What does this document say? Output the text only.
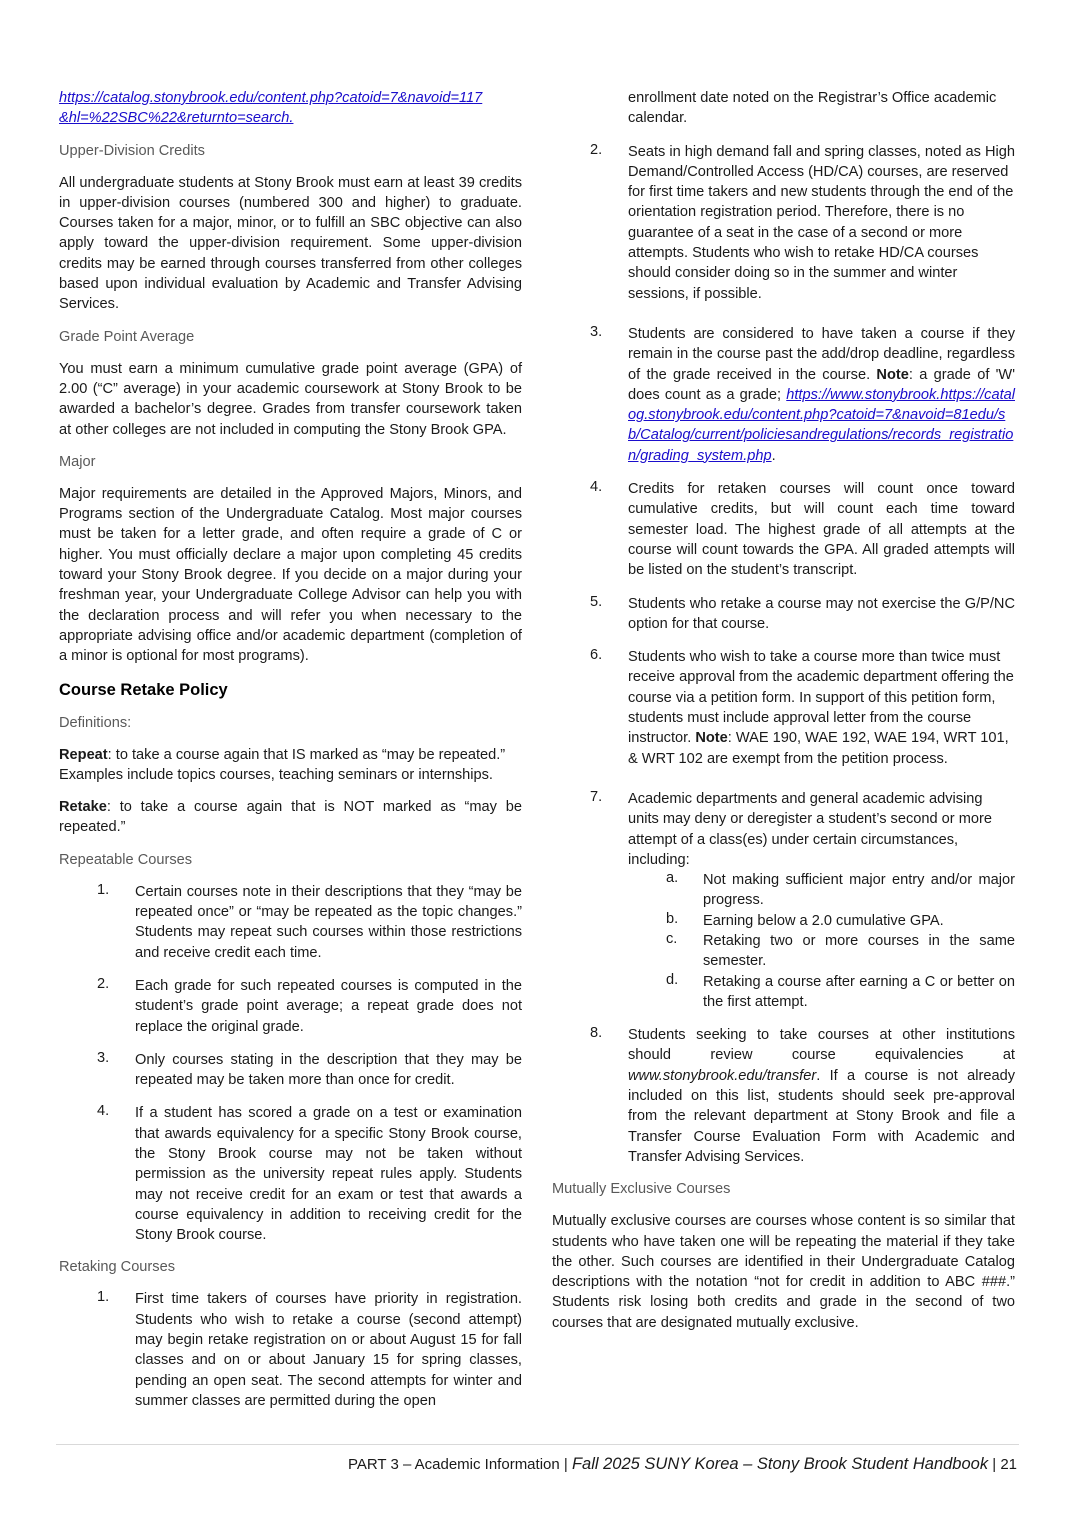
https://catalog.stonybrook.edu/content.php?catoid=7&navoid=117 &hl=%22SBC%22&returnto=search.

Upper-Division Credits

All undergraduate students at Stony Brook must earn at least 39 credits in upper-division courses (numbered 300 and higher) to graduate. Courses taken for a major, minor, or to fulfill an SBC objective can also apply toward the upper-division requirement. Some upper-division credits may be earned through courses transferred from other colleges based upon individual evaluation by Academic and Transfer Advising Services.

Grade Point Average

You must earn a minimum cumulative grade point average (GPA) of 2.00 (“C” average) in your academic coursework at Stony Brook to be awarded a bachelor’s degree. Grades from transfer coursework taken at other colleges are not included in computing the Stony Brook GPA.

Major

Major requirements are detailed in the Approved Majors, Minors, and Programs section of the Undergraduate Catalog. Most major courses must be taken for a letter grade, and often require a grade of C or higher. You must officially declare a major upon completing 45 credits toward your Stony Brook degree. If you decide on a major during your freshman year, your Undergraduate College Advisor can help you with the declaration process and will refer you when necessary to the appropriate advising office and/or academic department (completion of a minor is optional for most programs).

Course Retake Policy

Definitions:

Repeat: to take a course again that IS marked as “may be repeated.” Examples include topics courses, teaching seminars or internships.

Retake: to take a course again that is NOT marked as “may be repeated.”

Repeatable Courses

1.	Certain courses note in their descriptions that they “may be repeated once” or “may be repeated as the topic changes.” Students may repeat such courses within those restrictions and receive credit each time.

2.	Each grade for such repeated courses is computed in the student’s grade point average; a repeat grade does not replace the original grade.

3.	Only courses stating in the description that they may be repeated may be taken more than once for credit.

4.	If a student has scored a grade on a test or examination that awards equivalency for a specific Stony Brook course, the Stony Brook course may not be taken without permission as the university repeat rules apply. Students may not receive credit for an exam or test that awards a course equivalency in addition to receiving credit for the Stony Brook course.

Retaking Courses

1.	First time takers of courses have priority in registration. Students who wish to retake a course (second attempt) may begin retake registration on or about August 15 for fall classes and on or about January 15 for spring classes, pending an open seat. The second attempts for winter and summer classes are permitted during the open

enrollment date noted on the Registrar’s Office academic calendar.

2.	Seats in high demand fall and spring classes, noted as High Demand/Controlled Access (HD/CA) courses, are reserved for first time takers and new students through the end of the orientation registration period. Therefore, there is no guarantee of a seat in the case of a second or more attempts. Students who wish to retake HD/CA courses should consider doing so in the summer and winter sessions, if possible.

3.	Students are considered to have taken a course if they remain in the course past the add/drop deadline, regardless of the grade received in the course. Note: a grade of 'W' does count as a grade; https://www.stonybrook.https://catalog.stonybrook.edu/content.php?catoid=7&navoid=81edu/sb/Catalog/current/policiesandregulations/records_registration/grading_system.php.

4.	Credits for retaken courses will count once toward cumulative credits, but will count each time toward semester load. The highest grade of all attempts at the course will count towards the GPA. All graded attempts will be listed on the student’s transcript.

5.	Students who retake a course may not exercise the G/P/NC option for that course.

6.	Students who wish to take a course more than twice must receive approval from the academic department offering the course via a petition form. In support of this petition form, students must include approval letter from the course instructor. Note: WAE 190, WAE 192, WAE 194, WRT 101, & WRT 102 are exempt from the petition process.

7.	Academic departments and general academic advising units may deny or deregister a student’s second or more attempt of a class(es) under certain circumstances, including:

a.	Not making sufficient major entry and/or major progress.

b.	Earning below a 2.0 cumulative GPA.

c.	Retaking two or more courses in the same semester.

d.	Retaking a course after earning a C or better on the first attempt.

8.	Students seeking to take courses at other institutions should review course equivalencies at www.stonybrook.edu/transfer. If a course is not already included on this list, students should seek pre-approval from the relevant department at Stony Brook and file a Transfer Course Evaluation Form with Academic and Transfer Advising Services.

Mutually Exclusive Courses

Mutually exclusive courses are courses whose content is so similar that students who have taken one will be repeating the material if they take the other. Such courses are identified in their Undergraduate Catalog descriptions with the notation “not for credit in addition to ABC ###.” Students risk losing both credits and grade in the second of two courses that are designated mutually exclusive.

PART 3 – Academic Information | Fall 2025 SUNY Korea – Stony Brook Student Handbook | 21
